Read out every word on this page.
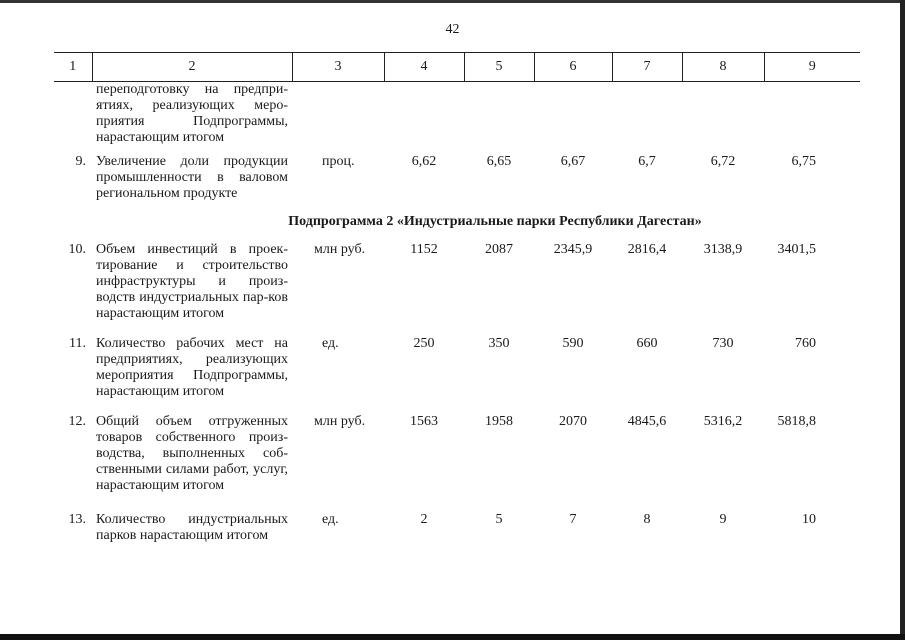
42
1	2	3	4	5	6	7	8	9
	переподготовку на предпри-ятиях, реализующих меро-приятия Подпрограммы, нарастающим итогом							
9.	Увеличение доли продукции промышленности в валовом региональном продукте	проц.	6,62	6,65	6,67	6,7	6,72	6,75
Подпрограмма 2 «Индустриальные парки Республики Дагестан»								
10.	Объем инвестиций в проек-тирование и строительство инфраструктуры и произ-водств индустриальных пар-ков нарастающим итогом	млн руб.	1152	2087	2345,9	2816,4	3138,9	3401,5
11.	Количество рабочих мест на предприятиях, реализующих мероприятия Подпрограммы, нарастающим итогом	ед.	250	350	590	660	730	760
12.	Общий объем отгруженных товаров собственного произ-водства, выполненных соб-ственными силами работ, услуг, нарастающим итогом	млн руб.	1563	1958	2070	4845,6	5316,2	5818,8
13.	Количество индустриальных парков нарастающим итогом	ед.	2	5	7	8	9	10
